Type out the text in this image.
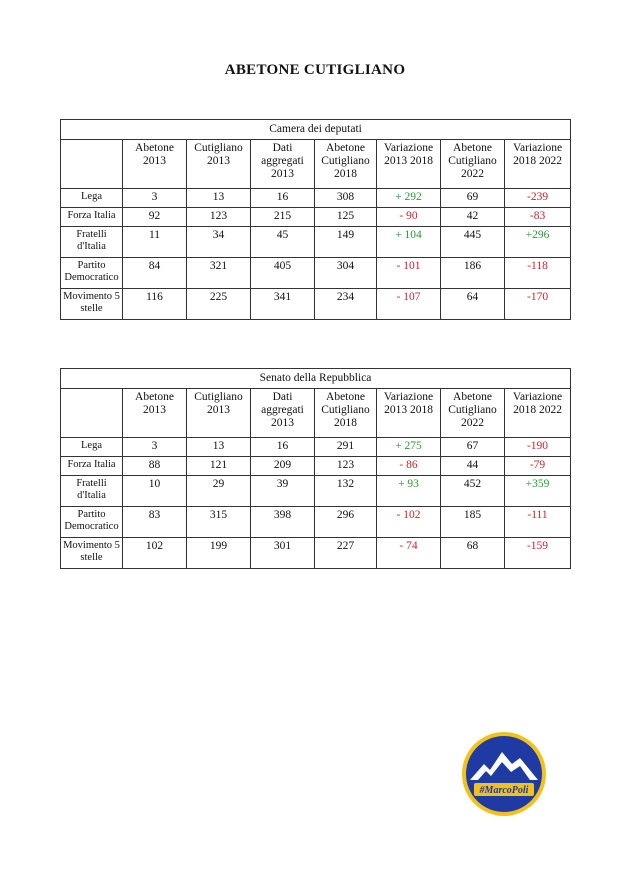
ABETONE CUTIGLIANO
Camera dei deputati							
	Abetone 2013	Cutigliano 2013	Dati aggregati 2013	Abetone Cutigliano 2018	Variazione 2013 2018	Abetone Cutigliano 2022	Variazione 2018 2022
Lega	3	13	16	308	+ 292	69	-239
Forza Italia	92	123	215	125	- 90	42	-83
Fratelli d'Italia	11	34	45	149	+ 104	445	+296
Partito Democratico	84	321	405	304	- 101	186	-118
Movimento 5 stelle	116	225	341	234	- 107	64	-170
Senato della Repubblica							
	Abetone 2013	Cutigliano 2013	Dati aggregati 2013	Abetone Cutigliano 2018	Variazione 2013 2018	Abetone Cutigliano 2022	Variazione 2018 2022
Lega	3	13	16	291	+ 275	67	-190
Forza Italia	88	121	209	123	- 86	44	-79
Fratelli d'Italia	10	29	39	132	+ 93	452	+359
Partito Democratico	83	315	398	296	- 102	185	-111
Movimento 5 stelle	102	199	301	227	- 74	68	-159
#MarcoPoli
